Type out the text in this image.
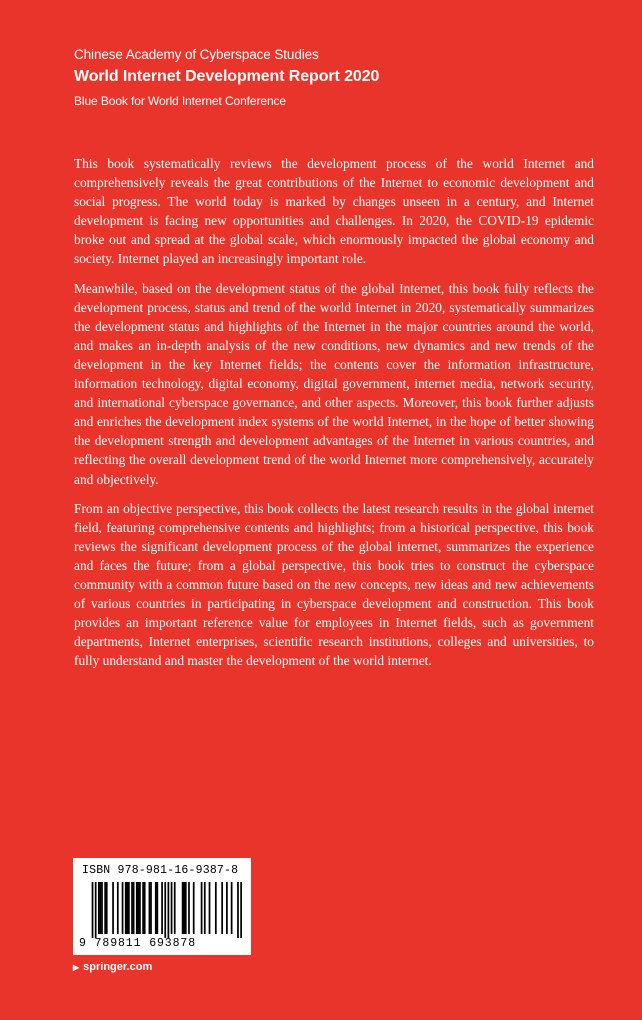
Chinese Academy of Cyberspace Studies
World Internet Development Report 2020
Blue Book for World Internet Conference

This book systematically reviews the development process of the world Internet and comprehensively reveals the great contributions of the Internet to economic development and social progress. The world today is marked by changes unseen in a century, and Internet development is facing new opportunities and challenges. In 2020, the COVID-19 epidemic broke out and spread at the global scale, which enormously impacted the global economy and society. Internet played an increasingly important role.

Meanwhile, based on the development status of the global Internet, this book fully reflects the development process, status and trend of the world Internet in 2020, systematically summarizes the development status and highlights of the Internet in the major countries around the world, and makes an in-depth analysis of the new conditions, new dynamics and new trends of the development in the key Internet fields; the contents cover the information infrastructure, information technology, digital economy, digital government, internet media, network security, and international cyberspace governance, and other aspects. Moreover, this book further adjusts and enriches the development index systems of the world Internet, in the hope of better showing the development strength and development advantages of the Internet in various countries, and reflecting the overall development trend of the world Internet more comprehensively, accurately and objectively.

From an objective perspective, this book collects the latest research results in the global internet field, featuring comprehensive contents and highlights; from a historical perspective, this book reviews the significant development process of the global internet, summarizes the experience and faces the future; from a global perspective, this book tries to construct the cyberspace community with a common future based on the new concepts, new ideas and new achievements of various countries in participating in cyberspace development and construction. This book provides an important reference value for employees in Internet fields, such as government departments, Internet enterprises, scientific research institutions, colleges and universities, to fully understand and master the development of the world internet.

ISBN 978-981-16-9387-8
9 789811 693878
▶ springer.com
